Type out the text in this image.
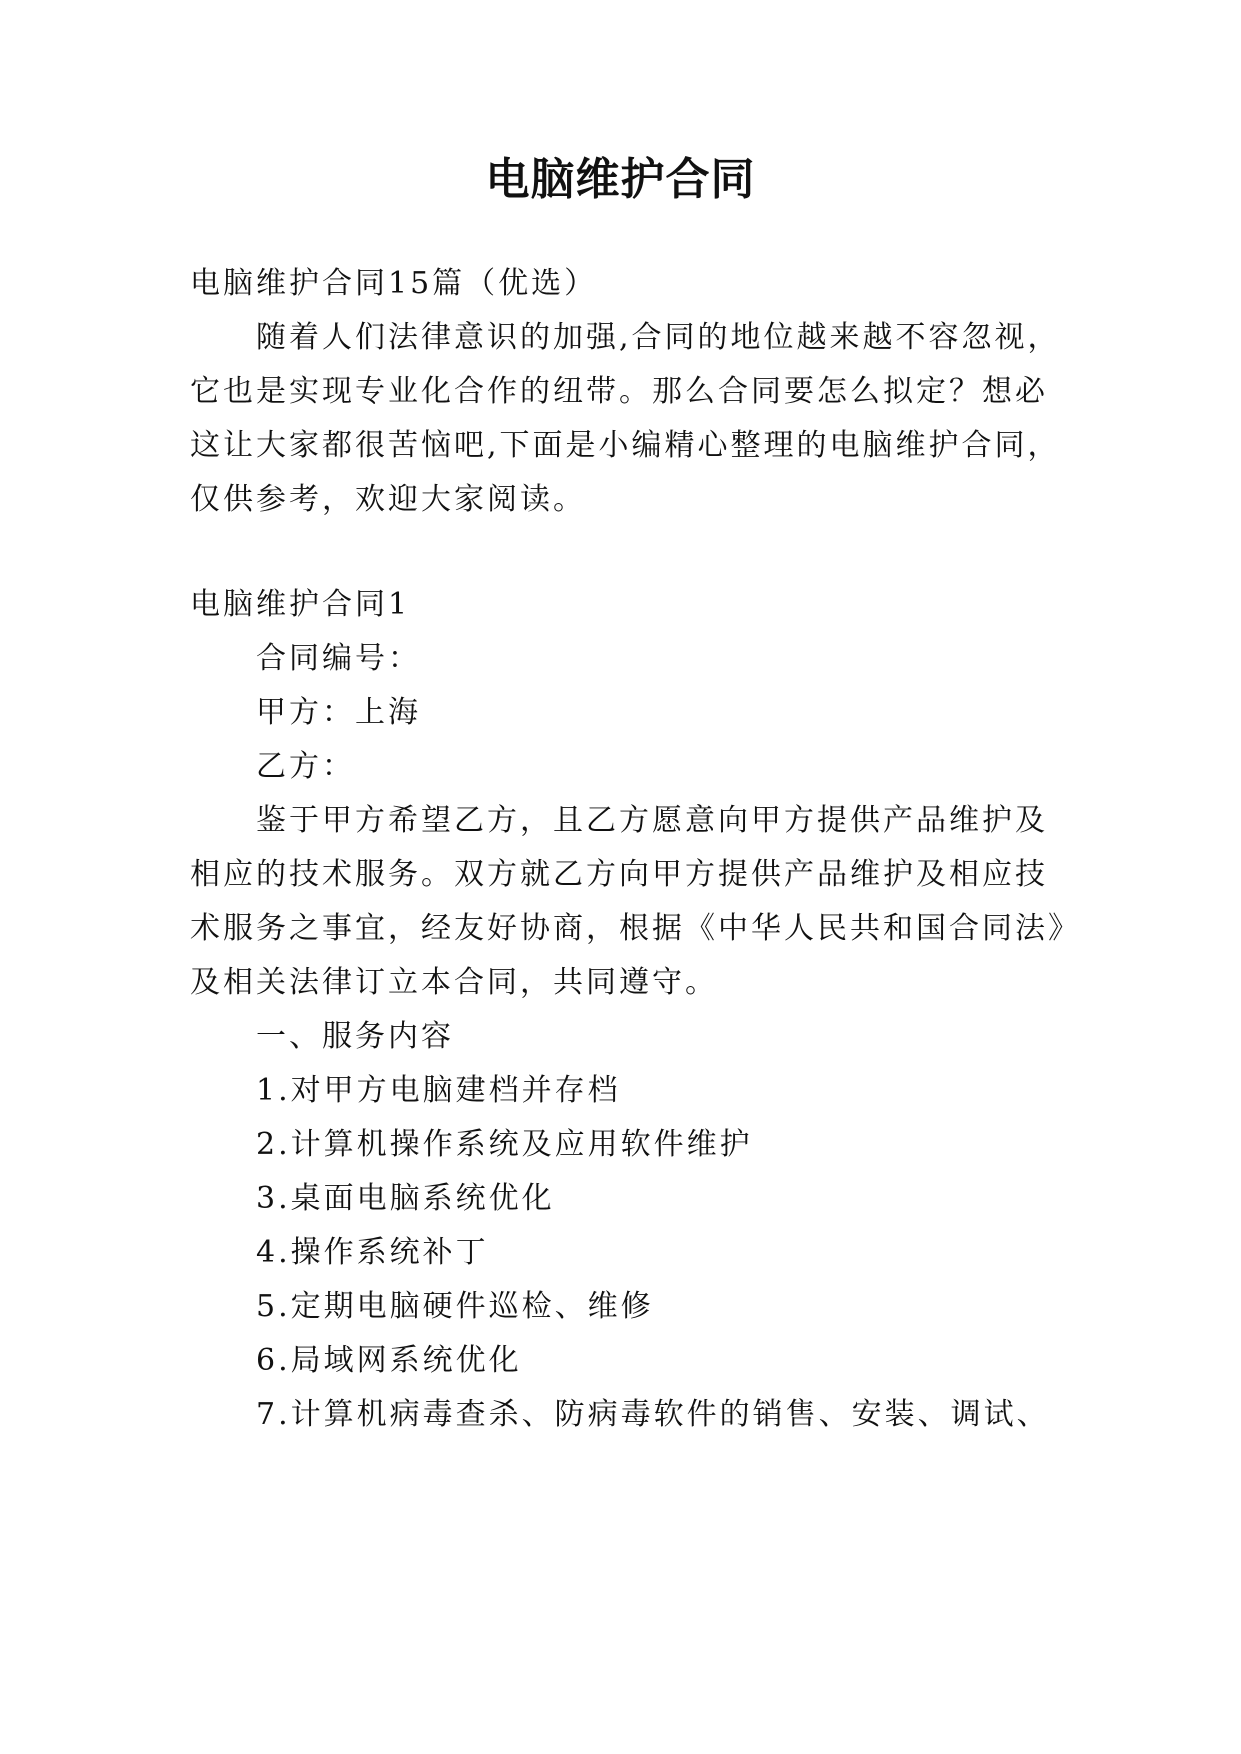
电脑维护合同
电脑维护合同15篇（优选）
随着人们法律意识的加强,合同的地位越来越不容忽视，
它也是实现专业化合作的纽带。那么合同要怎么拟定？想必
这让大家都很苦恼吧,下面是小编精心整理的电脑维护合同，
仅供参考，欢迎大家阅读。
电脑维护合同1
合同编号：
甲方：上海
乙方：
鉴于甲方希望乙方，且乙方愿意向甲方提供产品维护及
相应的技术服务。双方就乙方向甲方提供产品维护及相应技
术服务之事宜，经友好协商，根据《中华人民共和国合同法》
及相关法律订立本合同，共同遵守。
一、服务内容
1.对甲方电脑建档并存档
2.计算机操作系统及应用软件维护
3.桌面电脑系统优化
4.操作系统补丁
5.定期电脑硬件巡检、维修
6.局域网系统优化
7.计算机病毒查杀、防病毒软件的销售、安装、调试、
